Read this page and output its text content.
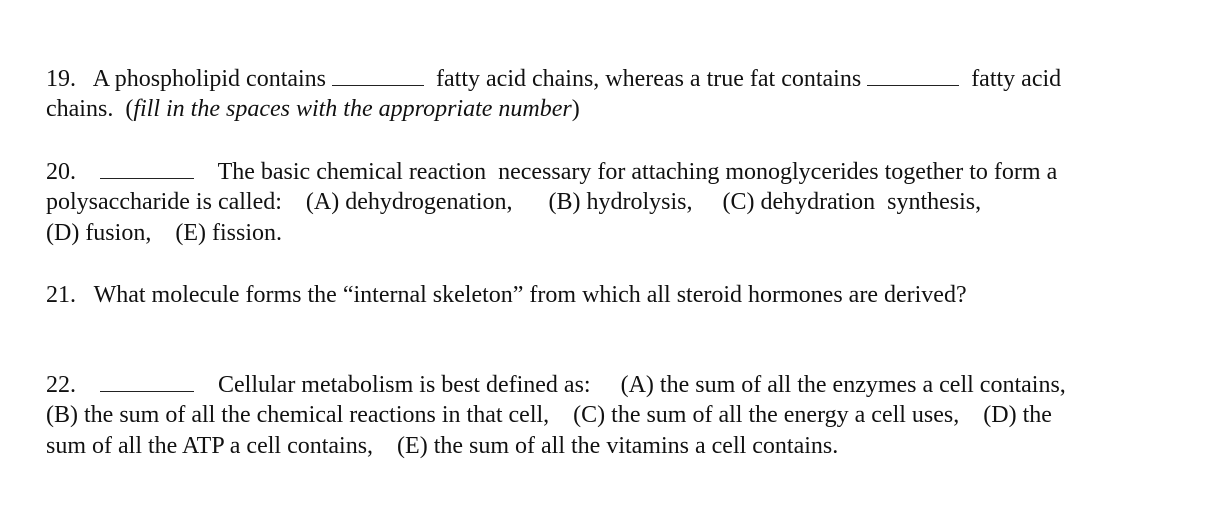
19. A phospholipid contains	fatty acid chains, whereas a true fat contains	fatty acid
chains.  (fill in the spaces with the appropriate number)
20.	The basic chemical reaction  necessary for attaching monoglycerides together to form a
polysaccharide is called: (A) dehydrogenation, (B) hydrolysis, (C) dehydration  synthesis,
(D) fusion, (E) fission.
21. What molecule forms the “internal skeleton” from which all steroid hormones are derived?
22.	Cellular metabolism is best defined as: (A) the sum of all the enzymes a cell contains,
(B) the sum of all the chemical reactions in that cell, (C) the sum of all the energy a cell uses, (D) the
sum of all the ATP a cell contains, (E) the sum of all the vitamins a cell contains.
